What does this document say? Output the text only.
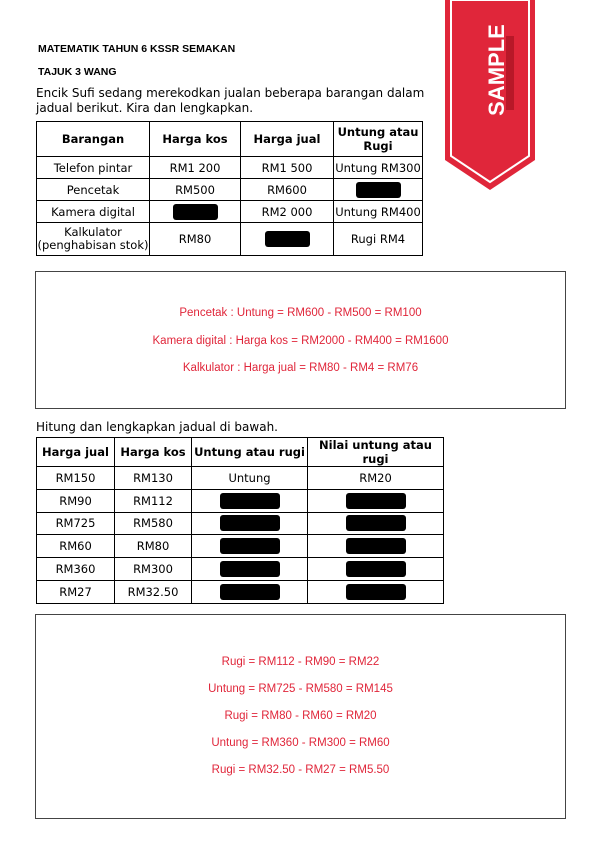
MATEMATIK TAHUN 6 KSSR SEMAKAN
TAJUK 3 WANG
Encik Sufi sedang merekodkan jualan beberapa barangan dalam jadual berikut. Kira dan lengkapkan.	SAMPLE
Barangan	Harga kos	Harga jual	Untung atau Rugi
Telefon pintar	RM1 200	RM1 500	Untung RM300
Pencetak	RM500	RM600	
Kamera digital		RM2 000	Untung RM400
Kalkulator (penghabisan stok)	RM80		Rugi RM4
Pencetak : Untung = RM600 - RM500 = RM100
Kamera digital : Harga kos = RM2000 - RM400 = RM1600
Kalkulator : Harga jual = RM80 - RM4 = RM76
Hitung dan lengkapkan jadual di bawah.
Harga jual	Harga kos	Untung atau rugi	Nilai untung atau rugi
RM150	RM130	Untung	RM20
RM90	RM112		
RM725	RM580		
RM60	RM80		
RM360	RM300		
RM27	RM32.50		
Rugi = RM112 - RM90 = RM22
Untung = RM725 - RM580 = RM145
Rugi = RM80 - RM60 = RM20
Untung = RM360 - RM300 = RM60
Rugi = RM32.50 - RM27 = RM5.50
